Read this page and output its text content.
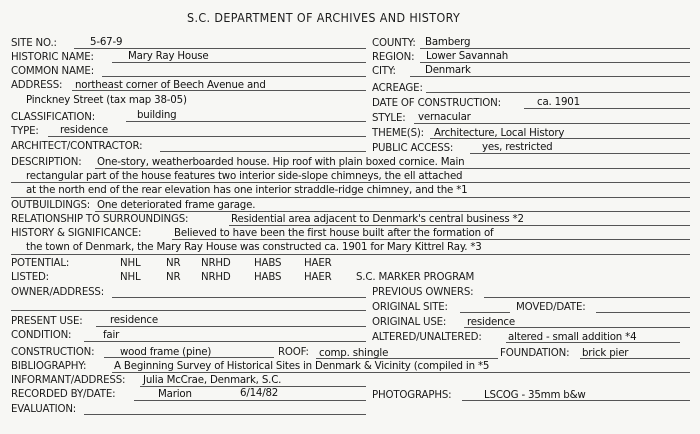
S.C. DEPARTMENT OF ARCHIVES AND HISTORY
SITE NO.:	5-67-9	COUNTY: Bamberg
HISTORIC NAME:	Mary Ray House	REGION: Lower Savannah
COMMON NAME:	CITY:	Denmark
ADDRESS:	northeast corner of Beech Avenue and	ACREAGE:
Pinckney Street (tax map 38-05)	DATE OF CONSTRUCTION:	ca. 1901
CLASSIFICATION:	building	STYLE: vernacular
TYPE: residence	THEME(S): Architecture, Local History
ARCHITECT/CONTRACTOR:	PUBLIC ACCESS:	yes, restricted
DESCRIPTION:	One-story, weatherboarded house. Hip roof with plain boxed cornice. Main
rectangular part of the house features two interior side-slope chimneys, the ell attached
at the north end of the rear elevation has one interior straddle-ridge chimney, and the *1
OUTBUILDINGS: One deteriorated frame garage.
RELATIONSHIP TO SURROUNDINGS:	Residential area adjacent to Denmark's central business *2
HISTORY & SIGNIFICANCE:	Believed to have been the first house built after the formation of
the town of Denmark, the Mary Ray House was constructed ca. 1901 for Mary Kittrel Ray. *3
POTENTIAL:	NHL NR NRHD HABS HAER
LISTED:	NHL NR NRHD HABS HAER S.C. MARKER PROGRAM
OWNER/ADDRESS:	PREVIOUS OWNERS:
ORIGINAL SITE:	MOVED/DATE:
PRESENT USE:	residence	ORIGINAL USE:	residence
CONDITION:	fair	ALTERED/UNALTERED:	altered - small addition *4
CONSTRUCTION:	wood frame (pine)	ROOF: comp. shingle	FOUNDATION:	brick pier
BIBLIOGRAPHY:	A Beginning Survey of Historical Sites in Denmark & Vicinity (compiled in *5
INFORMANT/ADDRESS:	Julia McCrae, Denmark, S.C.
RECORDED BY/DATE:	Marion	6/14/82	PHOTOGRAPHS:	LSCOG - 35mm b&w
EVALUATION:
